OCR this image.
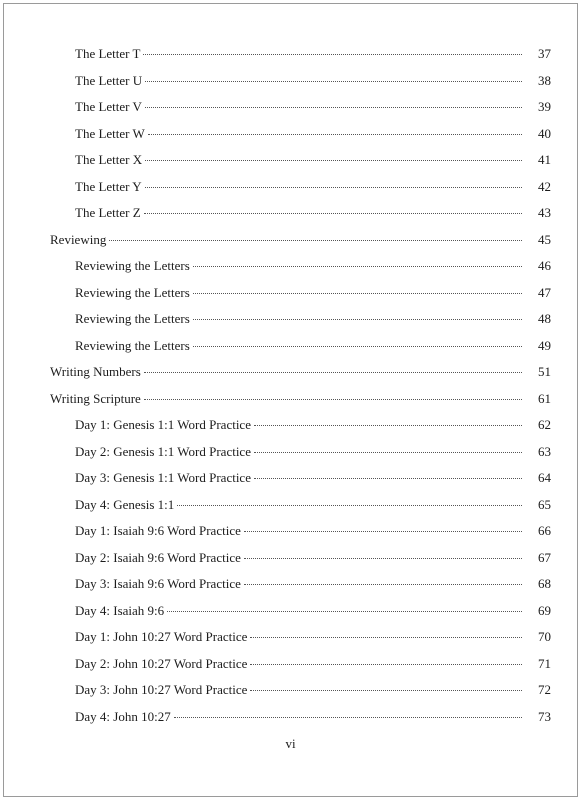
The Letter T	37
The Letter U	38
The Letter V	39
The Letter W	40
The Letter X	41
The Letter Y	42
The Letter Z	43
Reviewing	45
Reviewing the Letters	46
Reviewing the Letters	47
Reviewing the Letters	48
Reviewing the Letters	49
Writing Numbers	51
Writing Scripture	61
Day 1: Genesis 1:1 Word Practice	62
Day 2: Genesis 1:1 Word Practice	63
Day 3: Genesis 1:1 Word Practice	64
Day 4: Genesis 1:1	65
Day 1: Isaiah 9:6 Word Practice	66
Day 2: Isaiah 9:6 Word Practice	67
Day 3: Isaiah 9:6 Word Practice	68
Day 4: Isaiah 9:6	69
Day 1: John 10:27 Word Practice	70
Day 2: John 10:27 Word Practice	71
Day 3: John 10:27 Word Practice	72
Day 4: John 10:27	73
vi
